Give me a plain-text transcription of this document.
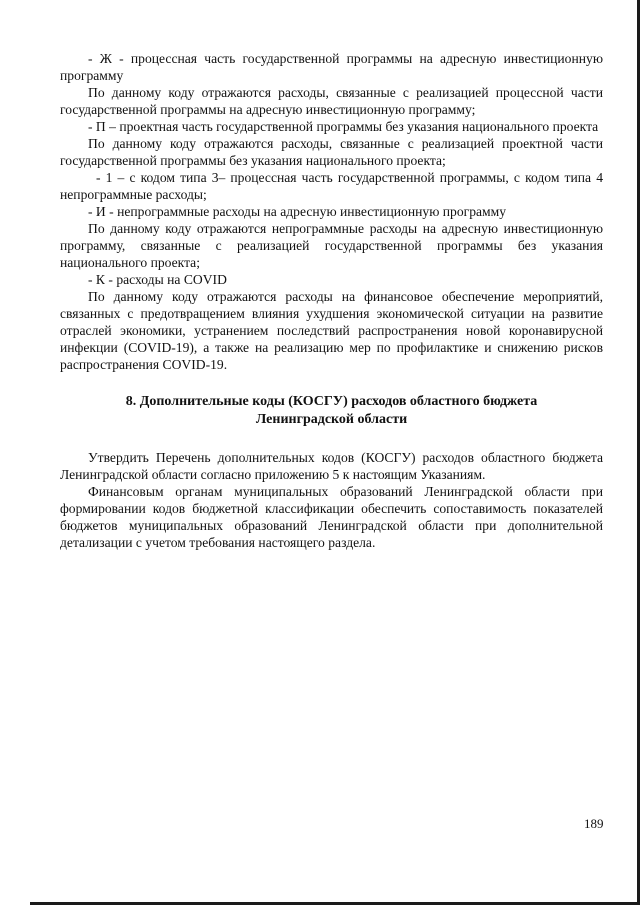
- Ж - процессная часть государственной программы на адресную инвестиционную программу

По данному коду отражаются расходы, связанные с реализацией процессной части государственной программы на адресную инвестиционную программу;

- П – проектная часть государственной программы без указания национального проекта

По данному коду отражаются расходы, связанные с реализацией проектной части государственной программы без указания национального проекта;

- 1 – с кодом типа 3– процессная часть государственной программы, с кодом типа 4 непрограммные расходы;

- И - непрограммные расходы на адресную инвестиционную программу

По данному коду отражаются непрограммные расходы на адресную инвестиционную программу, связанные с реализацией государственной программы без указания национального проекта;

- К - расходы на COVID

По данному коду отражаются расходы на финансовое обеспечение мероприятий, связанных с предотвращением влияния ухудшения экономической ситуации на развитие отраслей экономики, устранением последствий распространения новой коронавирусной инфекции (COVID-19), а также на реализацию мер по профилактике и снижению рисков распространения COVID-19.

8. Дополнительные коды (КОСГУ) расходов областного бюджета
Ленинградской области

Утвердить Перечень дополнительных кодов (КОСГУ) расходов областного бюджета Ленинградской области согласно приложению 5 к настоящим Указаниям.

Финансовым органам муниципальных образований Ленинградской области при формировании кодов бюджетной классификации обеспечить сопоставимость показателей бюджетов муниципальных образований Ленинградской области при дополнительной детализации с учетом требования настоящего раздела.

189
